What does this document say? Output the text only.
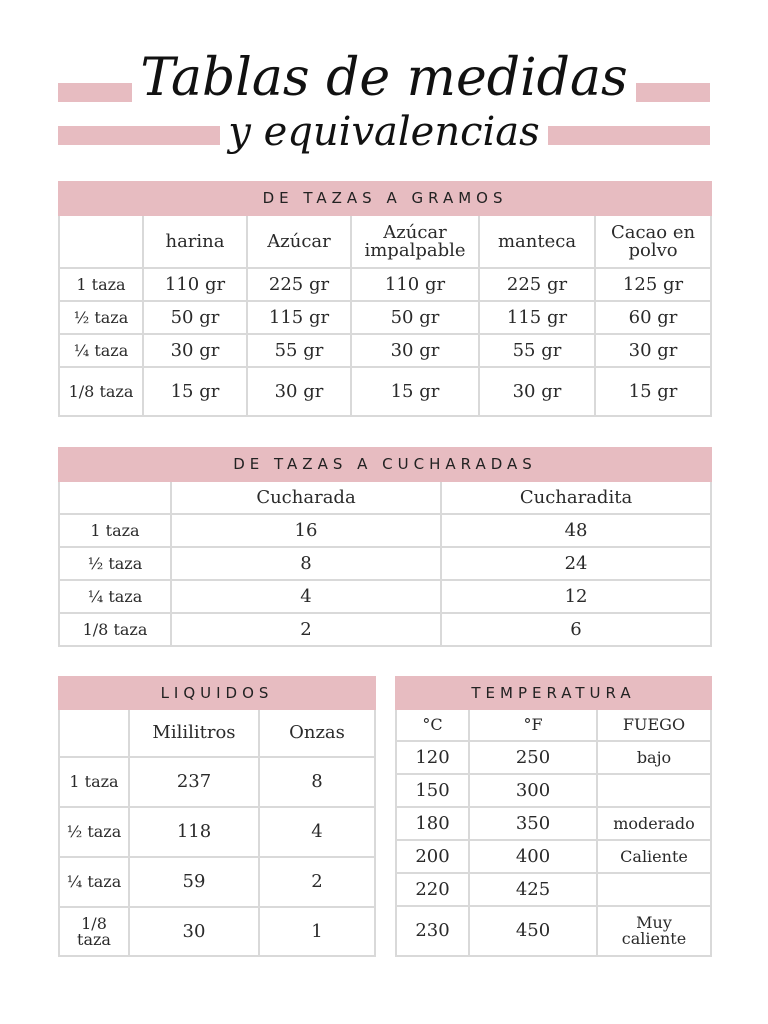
Tablas de medidas
y equivalencias
DE TAZAS A GRAMOS					
	harina	Azúcar	Azúcar impalpable	manteca	Cacao en polvo
1 taza	110 gr	225 gr	110 gr	225 gr	125 gr
½ taza	50 gr	115 gr	50 gr	115 gr	60 gr
¼ taza	30 gr	55 gr	30 gr	55 gr	30 gr
1/8 taza	15 gr	30 gr	15 gr	30 gr	15 gr
DE TAZAS A CUCHARADAS		
	Cucharada	Cucharadita
1 taza	16	48
½ taza	8	24
¼ taza	4	12
1/8 taza	2	6
LIQUIDOS		
	Mililitros	Onzas
1 taza	237	8
½ taza	118	4
¼ taza	59	2
1/8 taza	30	1
TEMPERATURA		
°C	°F	FUEGO
120	250	bajo
150	300	
180	350	moderado
200	400	Caliente
220	425	
230	450	Muy caliente
